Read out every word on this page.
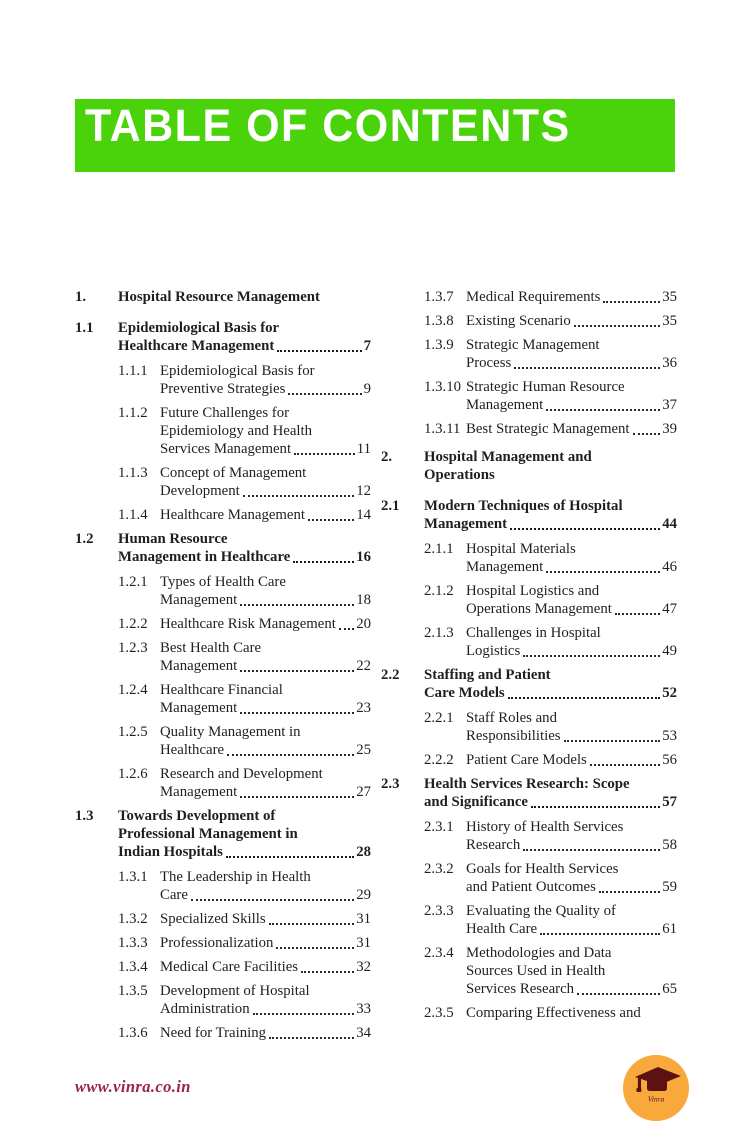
TABLE OF CONTENTS
1.	Hospital Resource Management
1.1	Epidemiological Basis for
Healthcare Management	7
1.1.1 Epidemiological Basis for
Preventive Strategies	9
1.1.2 Future Challenges for
Epidemiology and Health
Services Management	11
1.1.3 Concept of Management
Development	12
1.1.4 Healthcare Management	14
1.2	Human Resource
Management in Healthcare	16
1.2.1 Types of Health Care
Management	18
1.2.2 Healthcare Risk Management 20
1.2.3 Best Health Care
Management	22
1.2.4 Healthcare Financial
Management	23
1.2.5 Quality Management in
Healthcare	25
1.2.6 Research and Development
Management	27
1.3	Towards Development of
Professional Management in
Indian Hospitals	28
1.3.1 The Leadership in Health
Care	29
1.3.2 Specialized Skills	31
1.3.3 Professionalization	31
1.3.4 Medical Care Facilities	32
1.3.5 Development of Hospital
Administration	33
1.3.6 Need for Training	34
1.3.7 Medical Requirements	35
1.3.8 Existing Scenario	35
1.3.9 Strategic Management
Process	36
1.3.10 Strategic Human Resource
Management	37
1.3.11 Best Strategic Management 39
2.	Hospital Management and
Operations
2.1	Modern Techniques of Hospital
Management	44
2.1.1 Hospital Materials
Management	46
2.1.2 Hospital Logistics and
Operations Management	47
2.1.3 Challenges in Hospital
Logistics	49
2.2	Staffing and Patient
Care Models	52
2.2.1 Staff Roles and
Responsibilities	53
2.2.2 Patient Care Models	56
2.3	Health Services Research: Scope
and Significance	57
2.3.1 History of Health Services
Research	58
2.3.2 Goals for Health Services
and Patient Outcomes	59
2.3.3 Evaluating the Quality of
Health Care	61
2.3.4 Methodologies and Data
Sources Used in Health
Services Research	65
2.3.5 Comparing Effectiveness and
www.vinra.co.in
Vinra
